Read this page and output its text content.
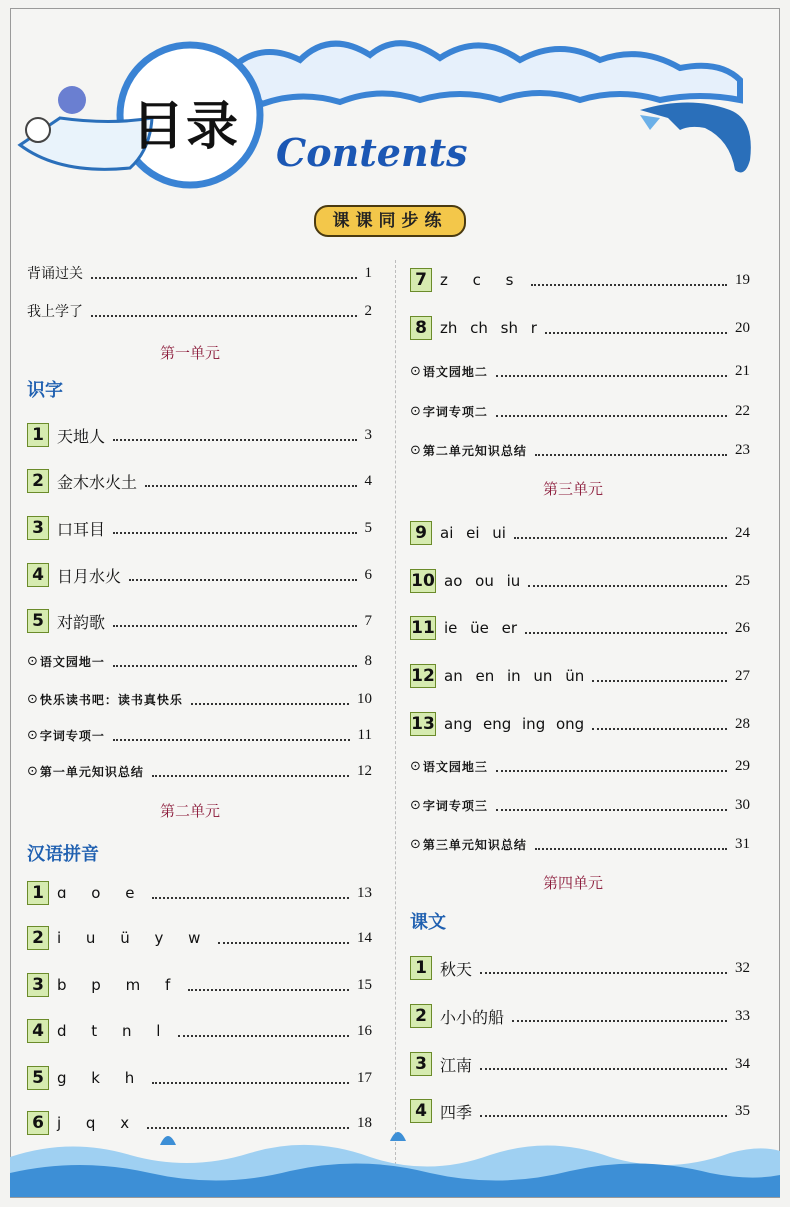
目录 Contents
课课同步练
背诵过关	1
我上学了	2
第一单元
识字
1 天地人	3
2 金木水火土	4
3 口耳目	5
4 日月水火	6
5 对韵歌	7
⊙ 语文园地一	8
⊙ 快乐读书吧：读书真快乐	10
⊙ 字词专项一	11
⊙ 第一单元知识总结	12
第二单元
汉语拼音
1 ɑ o e	13
2 i u ü y w	14
3 b p m f	15
4 d t n l	16
5 g k h	17
6 j q x	18
7 z c s	19
8 zh ch sh r	20
⊙ 语文园地二	21
⊙ 字词专项二	22
⊙ 第二单元知识总结	23
第三单元
9 ai ei ui	24
10 ao ou iu	25
11 ie üe er	26
12 an en in un ün	27
13 ang eng ing ong	28
⊙ 语文园地三	29
⊙ 字词专项三	30
⊙ 第三单元知识总结	31
第四单元
课文
1 秋天	32
2 小小的船	33
3 江南	34
4 四季	35
